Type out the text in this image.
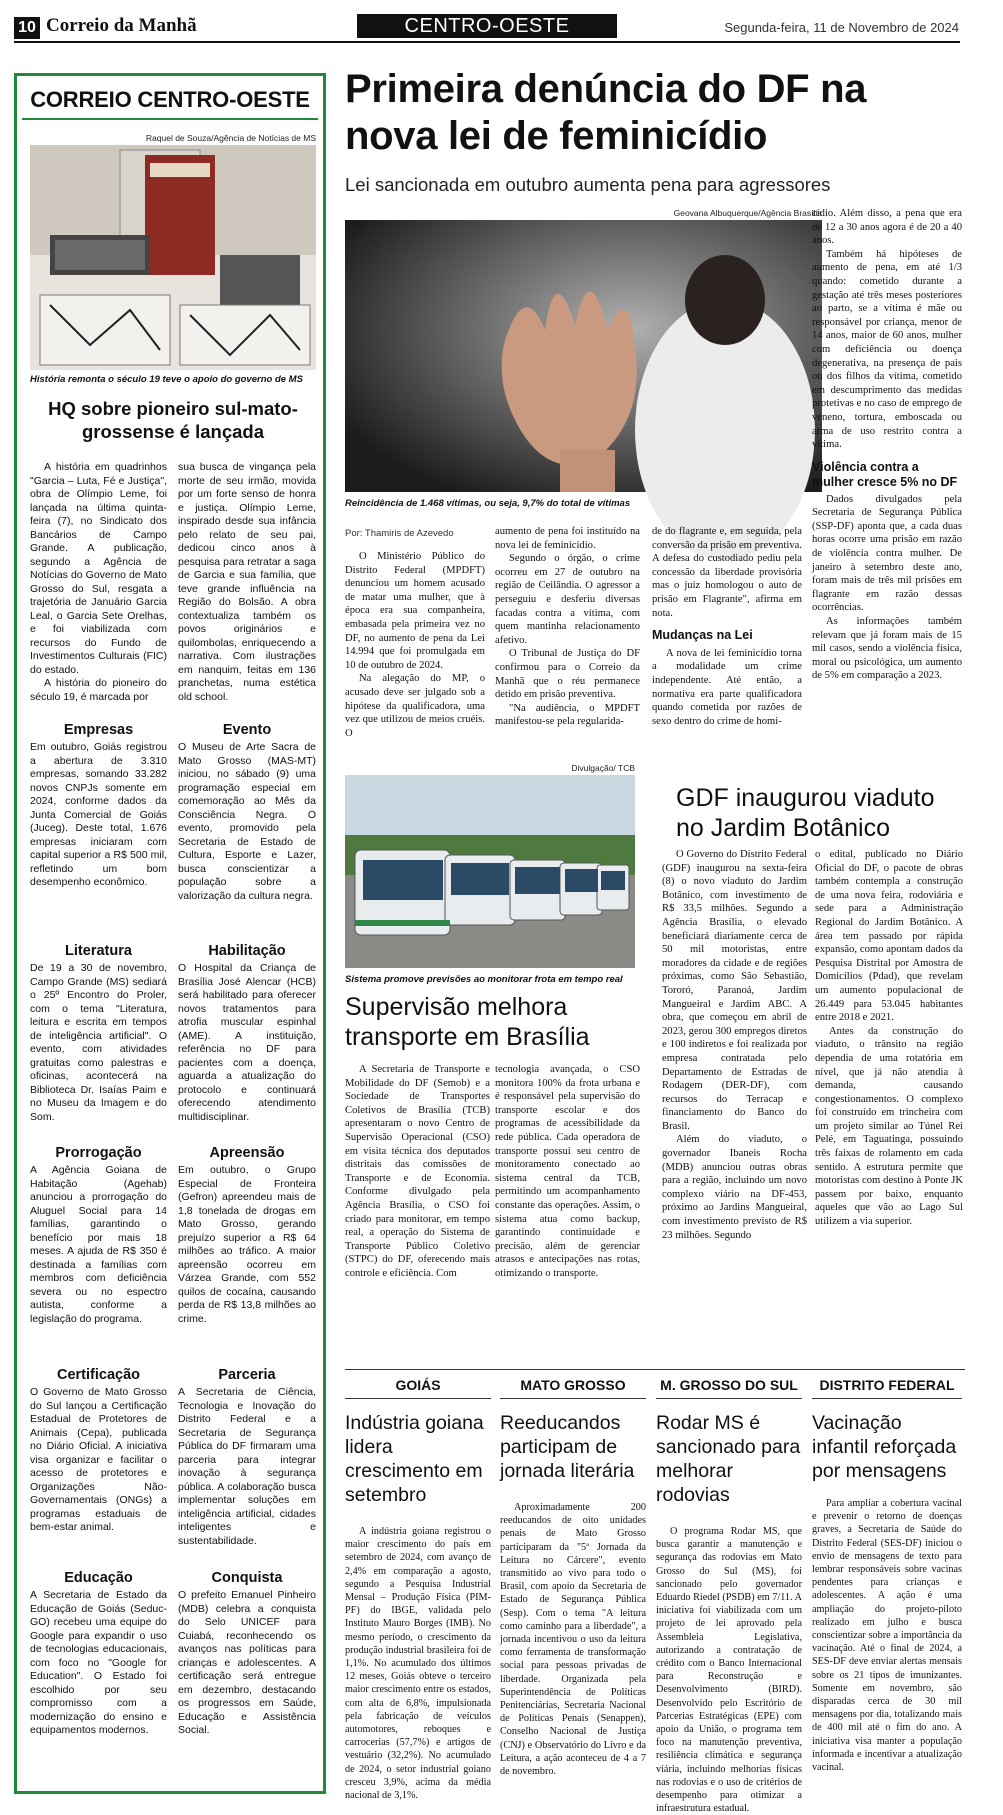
10 Correio da Manhã	CENTRO-OESTE	Segunda-feira, 11 de Novembro de 2024
CORREIO CENTRO-OESTE
Raquel de Souza/Agência de Notícias de MS
História remonta o século 19 teve o apoio do governo de MS
HQ sobre pioneiro sul-mato-grossense é lançada

A história em quadrinhos "Garcia – Luta, Fé e Justiça", obra de Olímpio Leme, foi lançada na última quinta-feira (7), no Sindicato dos Bancários de Campo Grande. A publicação, segundo a Agência de Notícias do Governo de Mato Grosso do Sul, resgata a trajetória de Januário Garcia Leal, o Garcia Sete Orelhas, e foi viabilizada com recursos do Fundo de Investimentos Culturais (FIC) do estado.

A história do pioneiro do século 19, é marcada por

sua busca de vingança pela morte de seu irmão, movida por um forte senso de honra e justiça. Olímpio Leme, inspirado desde sua infância pelo relato de seu pai, dedicou cinco anos à pesquisa para retratar a saga de Garcia e sua família, que teve grande influência na Região do Bolsão. A obra contextualiza também os povos originários e quilombolas, enriquecendo a narrativa. Com ilustrações em nanquim, feitas em 136 pranchetas, numa estética old school.

Empresas

Em outubro, Goiás registrou a abertura de 3.310 empresas, somando 33.282 novos CNPJs somente em 2024, conforme dados da Junta Comercial de Goiás (Juceg). Deste total, 1.676 empresas iniciaram com capital superior a R$ 500 mil, refletindo um bom desempenho econômico.

Literatura

De 19 a 30 de novembro, Campo Grande (MS) sediará o 25º Encontro do Proler, com o tema "Literatura, leitura e escrita em tempos de inteligência artificial". O evento, com atividades gratuitas como palestras e oficinas, acontecerá na Biblioteca Dr. Isaías Paim e no Museu da Imagem e do Som.

Prorrogação

A Agência Goiana de Habitação (Agehab) anunciou a prorrogação do Aluguel Social para 14 famílias, garantindo o benefício por mais 18 meses. A ajuda de R$ 350 é destinada a famílias com membros com deficiência severa ou no espectro autista, conforme a legislação do programa.

Certificação

O Governo de Mato Grosso do Sul lançou a Certificação Estadual de Protetores de Animais (Cepa), publicada no Diário Oficial. A iniciativa visa organizar e facilitar o acesso de protetores e Organizações Não-Governamentais (ONGs) a programas estaduais de bem-estar animal.

Educação

A Secretaria de Estado da Educação de Goiás (Seduc-GO) recebeu uma equipe do Google para expandir o uso de tecnologias educacionais, com foco no "Google for Education". O Estado foi escolhido por seu compromisso com a modernização do ensino e equipamentos modernos.

Evento

O Museu de Arte Sacra de Mato Grosso (MAS-MT) iniciou, no sábado (9) uma programação especial em comemoração ao Mês da Consciência Negra. O evento, promovido pela Secretaria de Estado de Cultura, Esporte e Lazer, busca conscientizar a população sobre a valorização da cultura negra.

Habilitação

O Hospital da Criança de Brasília José Alencar (HCB) será habilitado para oferecer novos tratamentos para atrofia muscular espinhal (AME). A instituição, referência no DF para pacientes com a doença, aguarda a atualização do protocolo e continuará oferecendo atendimento multidisciplinar.

Apreensão

Em outubro, o Grupo Especial de Fronteira (Gefron) apreendeu mais de 1,8 tonelada de drogas em Mato Grosso, gerando prejuízo superior a R$ 64 milhões ao tráfico. A maior apreensão ocorreu em Várzea Grande, com 552 quilos de cocaína, causando perda de R$ 13,8 milhões ao crime.

Parceria

A Secretaria de Ciência, Tecnologia e Inovação do Distrito Federal e a Secretaria de Segurança Pública do DF firmaram uma parceria para integrar inovação à segurança pública. A colaboração busca implementar soluções em inteligência artificial, cidades inteligentes e sustentabilidade.

Conquista

O prefeito Emanuel Pinheiro (MDB) celebra a conquista do Selo UNICEF para Cuiabá, reconhecendo os avanços nas políticas para crianças e adolescentes. A certificação será entregue em dezembro, destacando os progressos em Saúde, Educação e Assistência Social.

Primeira denúncia do DF na nova lei de feminicídio
Lei sancionada em outubro aumenta pena para agressores
Geovana Albuquerque/Agência Brasília
Reincidência de 1.468 vítimas, ou seja, 9,7% do total de vítimas
Por: Thamiris de Azevedo

O Ministério Público do Distrito Federal (MPDFT) denunciou um homem acusado de matar uma mulher, que à época era sua companheira, embasada pela primeira vez no DF, no aumento de pena da Lei 14.994 que foi promulgada em 10 de outubro de 2024.

Na alegação do MP, o acusado deve ser julgado sob a hipótese da qualificadora, uma vez que utilizou de meios cruéis. O

aumento de pena foi instituído na nova lei de feminicídio.

Segundo o órgão, o crime ocorreu em 27 de outubro na região de Ceilândia. O agressor a perseguiu e desferiu diversas facadas contra a vítima, com quem mantinha relacionamento afetivo.

O Tribunal de Justiça do DF confirmou para o Correio da Manhã que o réu permanece detido em prisão preventiva.

"Na audiência, o MPDFT manifestou-se pela regularida-

de do flagrante e, em seguida, pela conversão da prisão em preventiva. A defesa do custodiado pediu pela concessão da liberdade provisória mas o juiz homologou o auto de prisão em Flagrante", afirma em nota.

Mudanças na Lei

A nova de lei feminicídio torna a modalidade um crime independente. Até então, a normativa era parte qualificadora quando cometida por razões de sexo dentro do crime de homi-

cídio. Além disso, a pena que era de 12 a 30 anos agora é de 20 a 40 anos.

Também há hipóteses de aumento de pena, em até 1/3 quando: cometido durante a gestação até três meses posteriores ao parto, se a vítima é mãe ou responsável por criança, menor de 14 anos, maior de 60 anos, mulher com deficiência ou doença degenerativa, na presença de pais ou dos filhos da vítima, cometido em descumprimento das medidas protetivas e no caso de emprego de veneno, tortura, emboscada ou arma de uso restrito contra a vítima.

Violência contra a mulher cresce 5% no DF

Dados divulgados pela Secretaria de Segurança Pública (SSP-DF) aponta que, a cada duas horas ocorre uma prisão em razão de violência contra mulher. De janeiro à setembro deste ano, foram mais de três mil prisões em flagrante em razão dessas ocorrências.

As informações também relevam que já foram mais de 15 mil casos, sendo a violência física, moral ou psicológica, um aumento de 5% em comparação a 2023.

Divulgação/ TCB
Sistema promove previsões ao monitorar frota em tempo real
Supervisão melhora transporte em Brasília

A Secretaria de Transporte e Mobilidade do DF (Semob) e a Sociedade de Transportes Coletivos de Brasília (TCB) apresentaram o novo Centro de Supervisão Operacional (CSO) em visita técnica dos deputados distritais das comissões de Transporte e de Economia. Conforme divulgado pela Agência Brasília, o CSO foi criado para monitorar, em tempo real, a operação do Sistema de Transporte Público Coletivo (STPC) do DF, oferecendo mais controle e eficiência. Com

tecnologia avançada, o CSO monitora 100% da frota urbana e é responsável pela supervisão do transporte escolar e dos programas de acessibilidade da rede pública. Cada operadora de transporte possui seu centro de monitoramento conectado ao sistema central da TCB, permitindo um acompanhamento constante das operações. Assim, o sistema atua como backup, garantindo continuidade e precisão, além de gerenciar atrasos e antecipações nas rotas, otimizando o transporte.

GDF inaugurou viaduto no Jardim Botânico

O Governo do Distrito Federal (GDF) inaugurou na sexta-feira (8) o novo viaduto do Jardim Botânico, com investimento de R$ 33,5 milhões. Segundo a Agência Brasília, o elevado beneficiará diariamente cerca de 50 mil motoristas, entre moradores da cidade e de regiões próximas, como São Sebastião, Tororó, Paranoá, Jardim Mangueiral e Jardim ABC. A obra, que começou em abril de 2023, gerou 300 empregos diretos e 100 indiretos e foi realizada por empresa contratada pelo Departamento de Estradas de Rodagem (DER-DF), com recursos do Terracap e financiamento do Banco do Brasil.

Além do viaduto, o governador Ibaneis Rocha (MDB) anunciou outras obras para a região, incluindo um novo complexo viário na DF-453, próximo ao Jardins Mangueiral, com investimento previsto de R$ 23 milhões. Segundo

o edital, publicado no Diário Oficial do DF, o pacote de obras também contempla a construção de uma nova feira, rodoviária e sede para a Administração Regional do Jardim Botânico. A área tem passado por rápida expansão, como apontam dados da Pesquisa Distrital por Amostra de Domicílios (Pdad), que revelam um aumento populacional de 26.449 para 53.045 habitantes entre 2018 e 2021.

Antes da construção do viaduto, o trânsito na região dependia de uma rotatória em nível, que já não atendia à demanda, causando congestionamentos. O complexo foi construído em trincheira com um projeto similar ao Túnel Rei Pelé, em Taguatinga, possuindo três faixas de rolamento em cada sentido. A estrutura permite que motoristas com destino à Ponte JK passem por baixo, enquanto aqueles que vão ao Lago Sul utilizem a via superior.

GOIÁS
Indústria goiana lidera crescimento em setembro

A indústria goiana registrou o maior crescimento do país em setembro de 2024, com avanço de 2,4% em comparação a agosto, segundo a Pesquisa Industrial Mensal – Produção Física (PIM-PF) do IBGE, validada pelo Instituto Mauro Borges (IMB). No mesmo período, o crescimento da produção industrial brasileira foi de 1,1%. No acumulado dos últimos 12 meses, Goiás obteve o terceiro maior crescimento entre os estados, com alta de 6,8%, impulsionada pela fabricação de veículos automotores, reboques e carrocerias (57,7%) e artigos de vestuário (32,2%). No acumulado de 2024, o setor industrial goiano cresceu 3,9%, acima da média nacional de 3,1%.

MATO GROSSO
Reeducandos participam de jornada literária

Aproximadamente 200 reeducandos de oito unidades penais de Mato Grosso participaram da "5ª Jornada da Leitura no Cárcere", evento transmitido ao vivo para todo o Brasil, com apoio da Secretaria de Estado de Segurança Pública (Sesp). Com o tema "A leitura como caminho para a liberdade", a jornada incentivou o uso da leitura como ferramenta de transformação social para pessoas privadas de liberdade. Organizada pela Superintendência de Políticas Penitenciárias, Secretaria Nacional de Políticas Penais (Senappen), Conselho Nacional de Justiça (CNJ) e Observatório do Livro e da Leitura, a ação aconteceu de 4 a 7 de novembro.

M. GROSSO DO SUL
Rodar MS é sancionado para melhorar rodovias

O programa Rodar MS, que busca garantir a manutenção e segurança das rodovias em Mato Grosso do Sul (MS), foi sancionado pelo governador Eduardo Riedel (PSDB) em 7/11. A iniciativa foi viabilizada com um projeto de lei aprovado pela Assembleia Legislativa, autorizando a contratação de crédito com o Banco Internacional para Reconstrução e Desenvolvimento (BIRD). Desenvolvido pelo Escritório de Parcerias Estratégicas (EPE) com apoio da União, o programa tem foco na manutenção preventiva, resiliência climática e segurança viária, incluindo melhorias físicas nas rodovias e o uso de critérios de desempenho para otimizar a infraestrutura estadual.

DISTRITO FEDERAL
Vacinação infantil reforçada por mensagens

Para ampliar a cobertura vacinal e prevenir o retorno de doenças graves, a Secretaria de Saúde do Distrito Federal (SES-DF) iniciou o envio de mensagens de texto para lembrar responsáveis sobre vacinas pendentes para crianças e adolescentes. A ação é uma ampliação do projeto-piloto realizado em julho e busca conscientizar sobre a importância da vacinação. Até o final de 2024, a SES-DF deve enviar alertas mensais sobre os 21 tipos de imunizantes. Somente em novembro, são disparadas cerca de 30 mil mensagens por dia, totalizando mais de 400 mil até o fim do ano. A iniciativa visa manter a população informada e incentivar a atualização vacinal.
